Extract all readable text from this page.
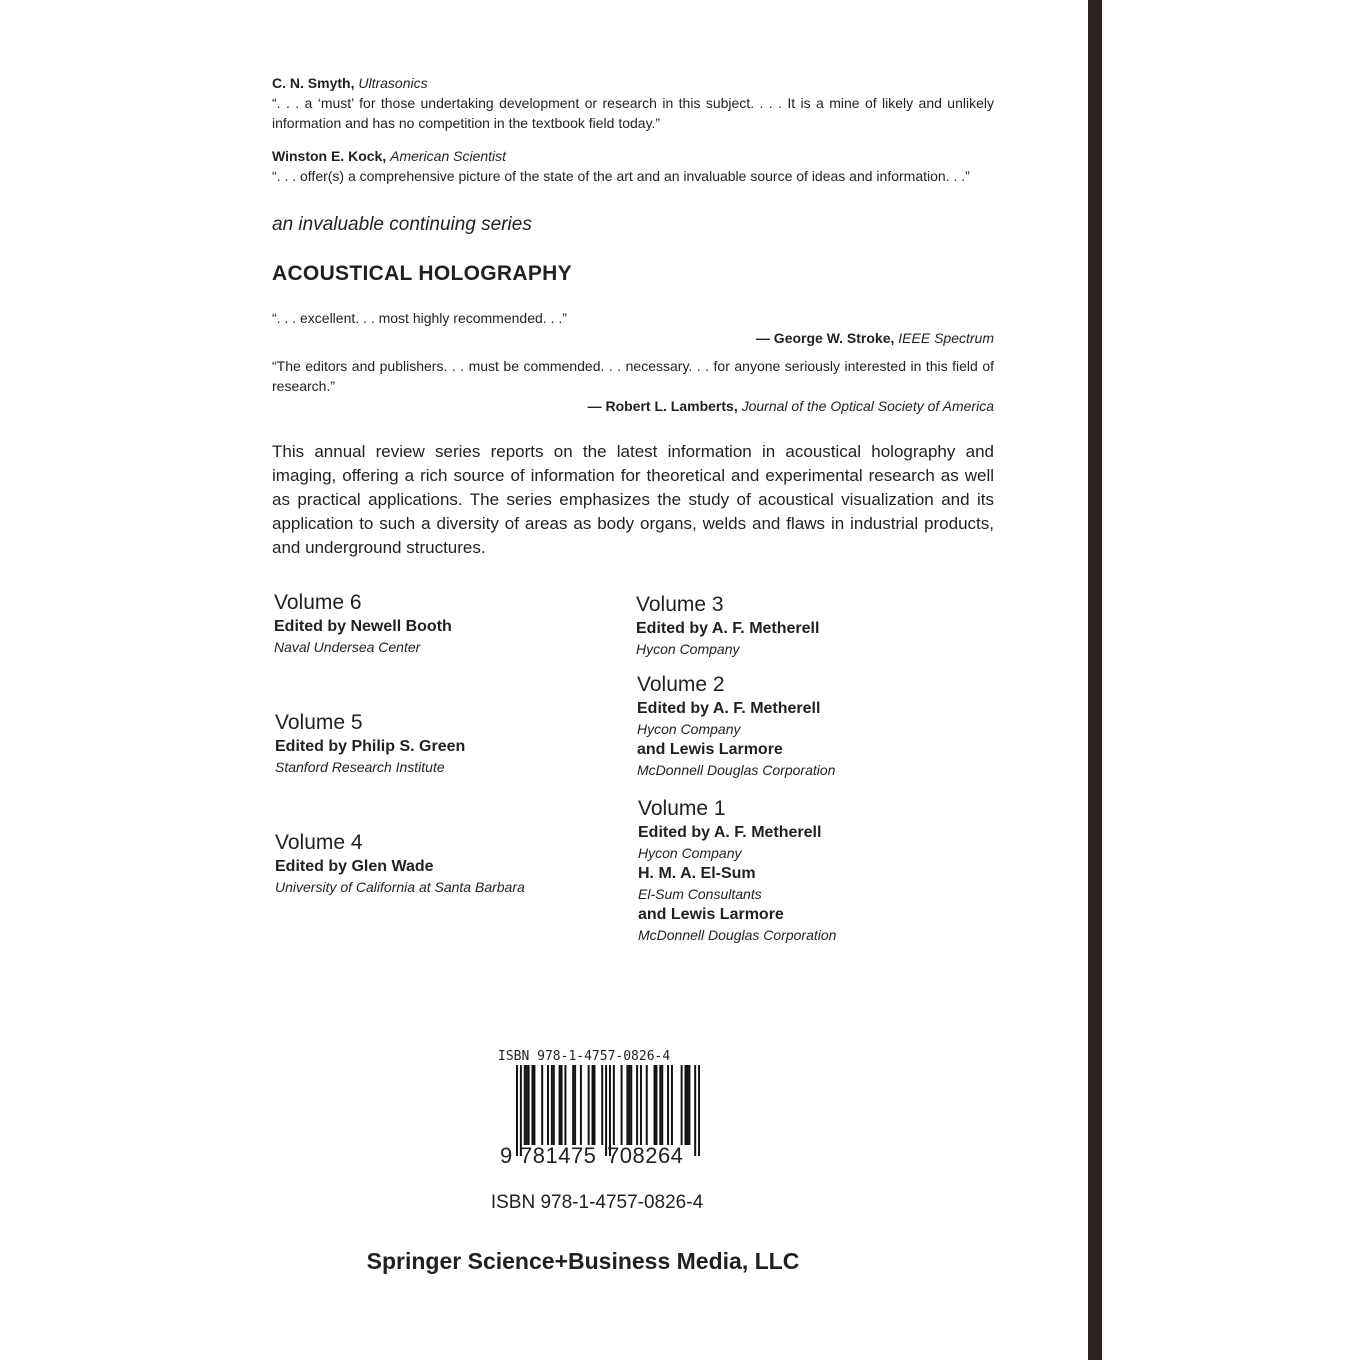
C. N. Smyth, Ultrasonics
“. . . a ‘must’ for those undertaking development or research in this subject. . . . It is a mine of likely and unlikely information and has no competition in the textbook field today.”
Winston E. Kock, American Scientist
“. . . offer(s) a comprehensive picture of the state of the art and an invaluable source of ideas and information. . .”
an invaluable continuing series
ACOUSTICAL HOLOGRAPHY
“. . . excellent. . . most highly recommended. . .”
— George W. Stroke, IEEE Spectrum
“The editors and publishers. . . must be commended. . . necessary. . . for anyone seriously interested in this field of research.”
— Robert L. Lamberts, Journal of the Optical Society of America
This annual review series reports on the latest information in acoustical holography and imaging, offering a rich source of information for theoretical and experimental research as well as practical applications. The series emphasizes the study of acoustical visualization and its application to such a diversity of areas as body organs, welds and flaws in industrial products, and underground structures.
Volume 6
Edited by Newell Booth
Naval Undersea Center
Volume 5
Edited by Philip S. Green
Stanford Research Institute
Volume 4
Edited by Glen Wade
University of California at Santa Barbara
Volume 3
Edited by A. F. Metherell
Hycon Company
Volume 2
Edited by A. F. Metherell
Hycon Company
and Lewis Larmore
McDonnell Douglas Corporation
Volume 1
Edited by A. F. Metherell
Hycon Company
H. M. A. El-Sum
El-Sum Consultants
and Lewis Larmore
McDonnell Douglas Corporation
ISBN 978-1-4757-0826-4
9 781475 708264
ISBN 978-1-4757-0826-4
Springer Science+Business Media, LLC
